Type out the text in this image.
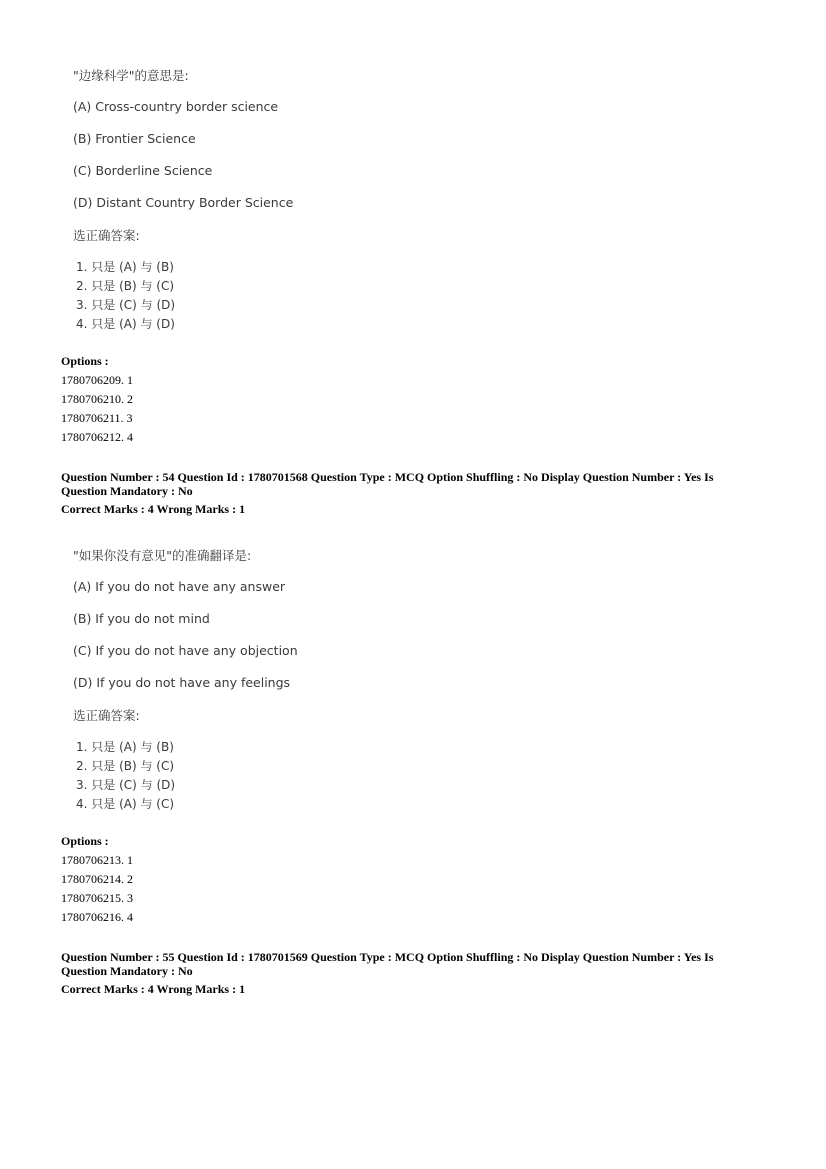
"边缘科学"的意思是:
(A) Cross-country border science
(B) Frontier Science
(C) Borderline Science
(D) Distant Country Border Science
选正确答案:
1. 只是 (A) 与 (B)
2. 只是 (B) 与 (C)
3. 只是 (C) 与 (D)
4. 只是 (A) 与 (D)
Options :
1780706209. 1
1780706210. 2
1780706211. 3
1780706212. 4
Question Number : 54 Question Id : 1780701568 Question Type : MCQ Option Shuffling : No Display Question Number : Yes Is
Question Mandatory : No
Correct Marks : 4 Wrong Marks : 1
"如果你没有意见"的准确翻译是:
(A) If you do not have any answer
(B) If you do not mind
(C) If you do not have any objection
(D) If you do not have any feelings
选正确答案:
1. 只是 (A) 与 (B)
2. 只是 (B) 与 (C)
3. 只是 (C) 与 (D)
4. 只是 (A) 与 (C)
Options :
1780706213. 1
1780706214. 2
1780706215. 3
1780706216. 4
Question Number : 55 Question Id : 1780701569 Question Type : MCQ Option Shuffling : No Display Question Number : Yes Is
Question Mandatory : No
Correct Marks : 4 Wrong Marks : 1
